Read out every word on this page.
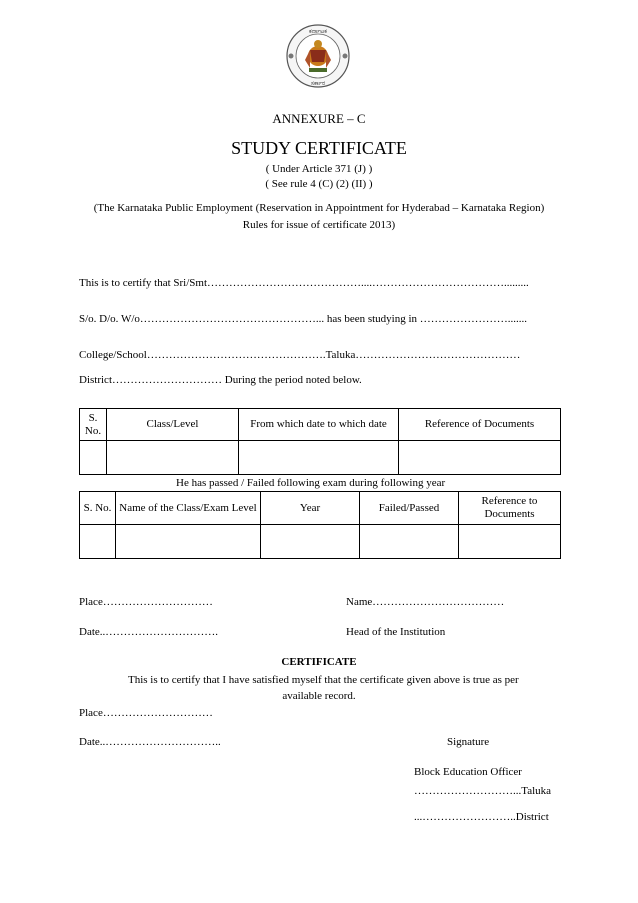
ಕರ್ನಾಟಕ
ಸರ್ಕಾರ
ANNEXURE – C
STUDY CERTIFICATE
( Under Article 371 (J) )
( See rule 4 (C) (2) (II) )
(The Karnataka Public Employment (Reservation in Appointment for Hyderabad – Karnataka Region)
Rules for issue of certificate 2013)
This is to certify that Sri/Smt……………………………………....……………………………….........
S/o. D/o. W/o…………………………………………... has been studying in …………………….......
College/School………………………………………….Taluka………………………………………
District………………………… During the period noted below.
S. No.	Class/Level	From which date to which date	Reference of Documents

He has passed / Failed following exam during following year
S. No.	Name of the Class/Exam Level	Year	Failed/Passed	Reference to Documents

Place…………………………	Name………………………………
Date..………………………….	Head of the Institution
CERTIFICATE
This is to certify that I have satisfied myself that the certificate given above is true as per
available record.
Place…………………………
Date..…………………………..	Signature
Block Education Officer
………………………...Taluka
...……………………..District
